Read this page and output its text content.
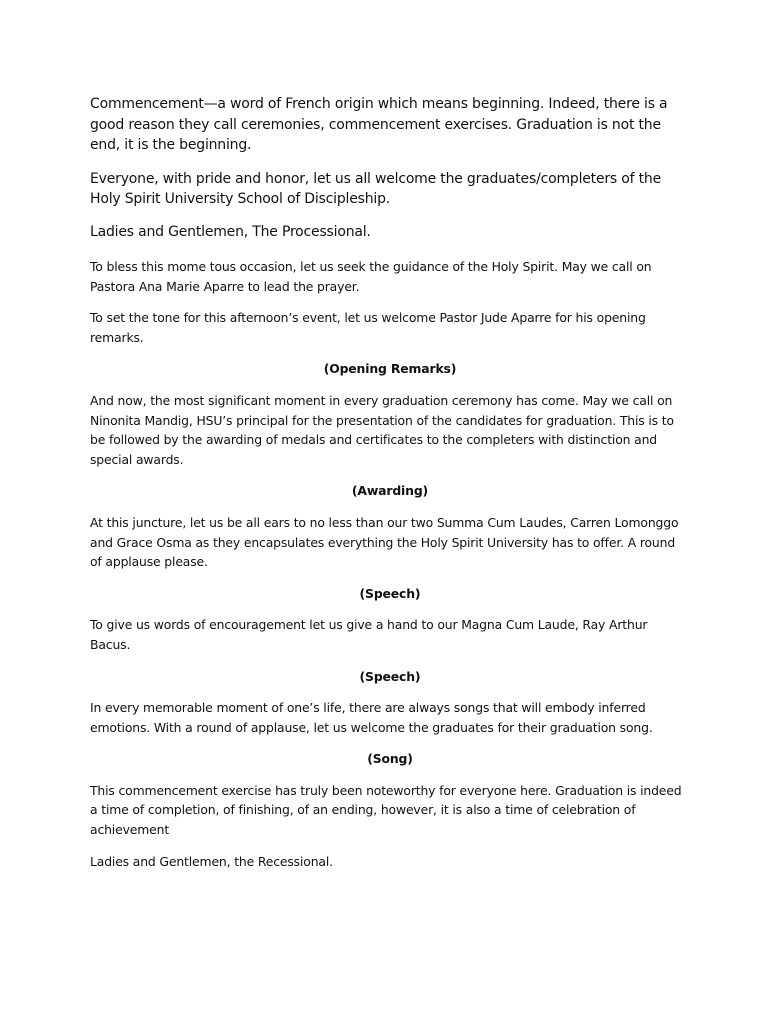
Commencement—a word of French origin which means beginning. Indeed, there is a good reason they call ceremonies, commencement exercises. Graduation is not the end, it is the beginning.

Everyone, with pride and honor, let us all welcome the graduates/completers of the Holy Spirit University School of Discipleship.

Ladies and Gentlemen, The Processional.

To bless this mome tous occasion, let us seek the guidance of the Holy Spirit. May we call on Pastora Ana Marie Aparre to lead the prayer.

To set the tone for this afternoon’s event, let us welcome Pastor Jude Aparre for his opening remarks.

(Opening Remarks)

And now, the most significant moment in every graduation ceremony has come. May we call on Ninonita Mandig, HSU’s principal for the presentation of the candidates for graduation. This is to be followed by the awarding of medals and certificates to the completers with distinction and special awards.

(Awarding)

At this juncture, let us be all ears to no less than our two Summa Cum Laudes, Carren Lomonggo and Grace Osma as they encapsulates everything the Holy Spirit University has to offer. A round of applause please.

(Speech)

To give us words of encouragement let us give a hand to our Magna Cum Laude, Ray Arthur Bacus.

(Speech)

In every memorable moment of one’s life, there are always songs that will embody inferred emotions. With a round of applause, let us welcome the graduates for their graduation song.

(Song)

This commencement exercise has truly been noteworthy for everyone here. Graduation is indeed a time of completion, of finishing, of an ending, however, it is also a time of celebration of achievement

Ladies and Gentlemen, the Recessional.
